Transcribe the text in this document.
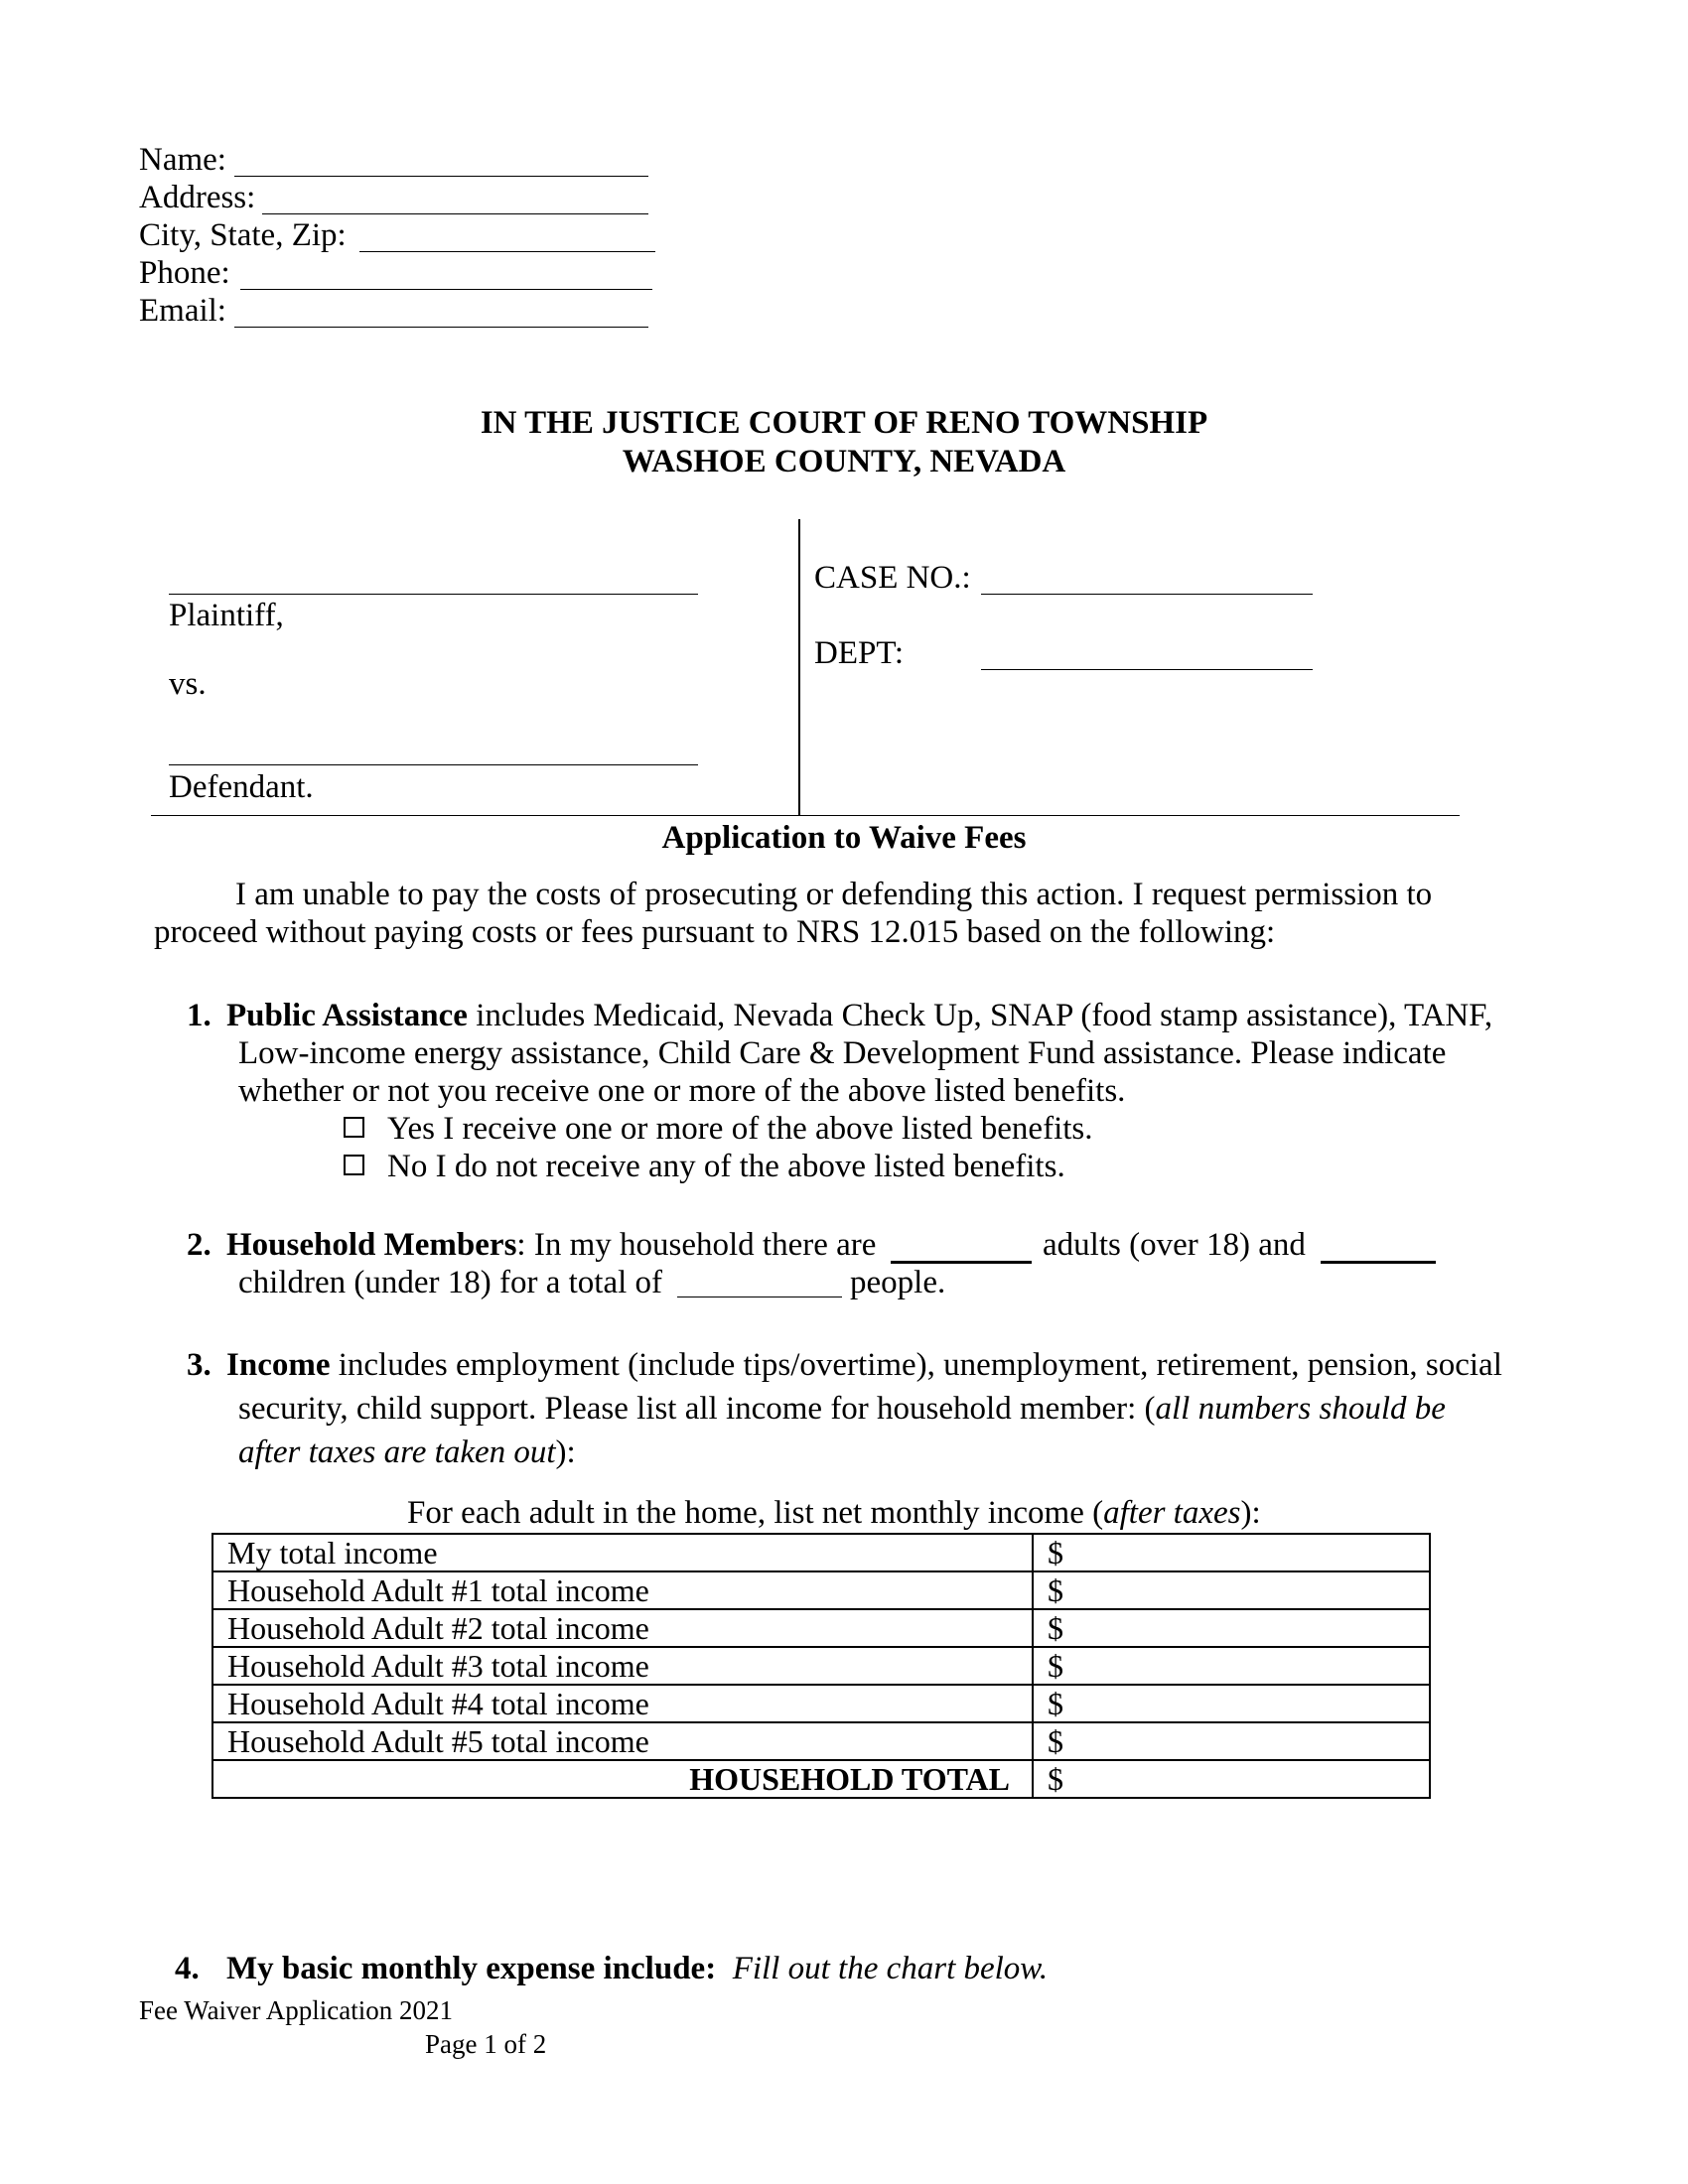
Name:
Address:
City, State, Zip:
Phone:
Email:
IN THE JUSTICE COURT OF RENO TOWNSHIP
WASHOE COUNTY, NEVADA
Plaintiff,
vs.
Defendant.
CASE NO.:
DEPT:
Application to Waive Fees
I am unable to pay the costs of prosecuting or defending this action. I request permission to
proceed without paying costs or fees pursuant to NRS 12.015 based on the following:
1. Public Assistance includes Medicaid, Nevada Check Up, SNAP (food stamp assistance), TANF,
Low-income energy assistance, Child Care & Development Fund assistance. Please indicate
whether or not you receive one or more of the above listed benefits.
Yes I receive one or more of the above listed benefits.
No I do not receive any of the above listed benefits.
2. Household Members: In my household there are	adults (over 18) and
children (under 18) for a total of	people.
3. Income includes employment (include tips/overtime), unemployment, retirement, pension, social
security, child support. Please list all income for household member: (all numbers should be
after taxes are taken out):
For each adult in the home, list net monthly income (after taxes):
My total income	$
Household Adult #1 total income	$
Household Adult #2 total income	$
Household Adult #3 total income	$
Household Adult #4 total income	$
Household Adult #5 total income	$
HOUSEHOLD TOTAL	$
4. My basic monthly expense include: Fill out the chart below.
Fee Waiver Application 2021
Page 1 of 2
